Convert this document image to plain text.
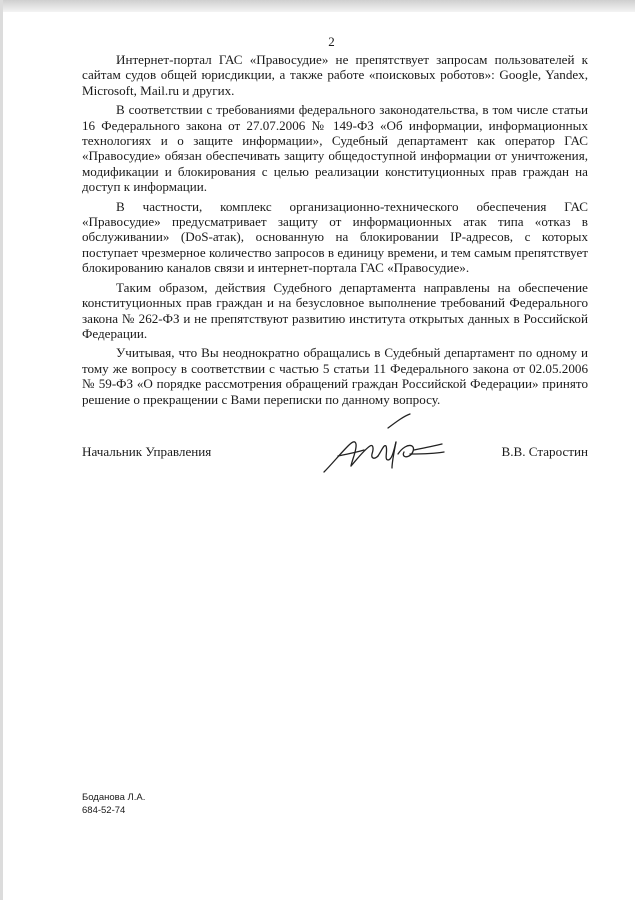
2

Интернет-портал ГАС «Правосудие» не препятствует запросам пользователей к сайтам судов общей юрисдикции, а также работе «поисковых роботов»: Google, Yandex, Microsoft, Mail.ru и других.

В соответствии с требованиями федерального законодательства, в том числе статьи 16 Федерального закона от 27.07.2006 № 149-ФЗ «Об информации, информационных технологиях и о защите информации», Судебный департамент как оператор ГАС «Правосудие» обязан обеспечивать защиту общедоступной информации от уничтожения, модификации и блокирования с целью реализации конституционных прав граждан на доступ к информации.

В частности, комплекс организационно-технического обеспечения ГАС «Правосудие» предусматривает защиту от информационных атак типа «отказ в обслуживании» (DoS-атак), основанную на блокировании IP-адресов, с которых поступает чрезмерное количество запросов в единицу времени, и тем самым препятствует блокированию каналов связи и интернет-портала ГАС «Правосудие».

Таким образом, действия Судебного департамента направлены на обеспечение конституционных прав граждан и на безусловное выполнение требований Федерального закона № 262-ФЗ и не препятствуют развитию института открытых данных в Российской Федерации.

Учитывая, что Вы неоднократно обращались в Судебный департамент по одному и тому же вопросу в соответствии с частью 5 статьи 11 Федерального закона от 02.05.2006 № 59-ФЗ «О порядке рассмотрения обращений граждан Российской Федерации» принято решение о прекращении с Вами переписки по данному вопросу.

Начальник Управления	В.В. Старостин
Боданова Л.А.
684-52-74
